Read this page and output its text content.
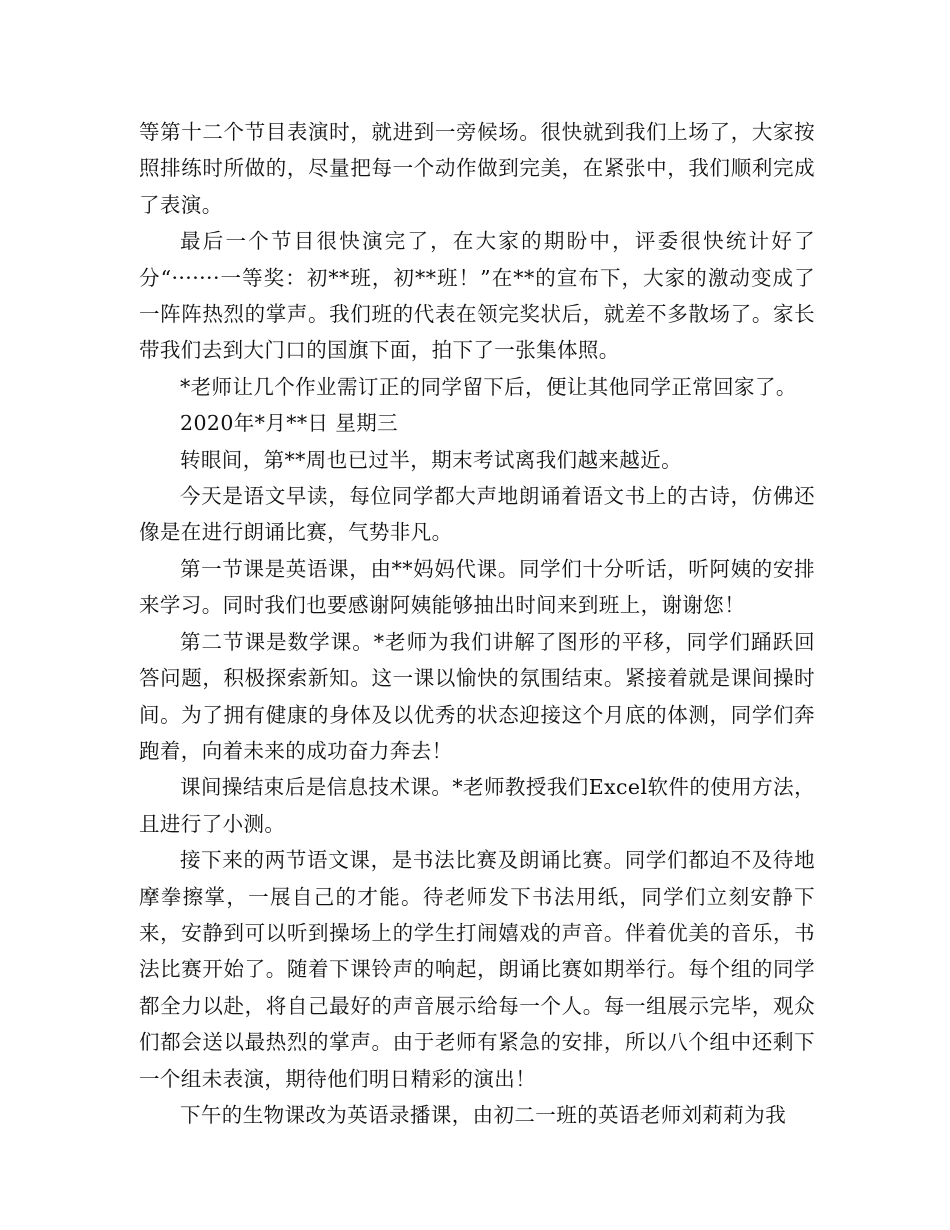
等第十二个节目表演时，就进到一旁候场。很快就到我们上场了，大家按照排练时所做的，尽量把每一个动作做到完美，在紧张中，我们顺利完成了表演。

最后一个节目很快演完了，在大家的期盼中，评委很快统计好了分“·······一等奖：初**班，初**班！”在**的宣布下，大家的激动变成了一阵阵热烈的掌声。我们班的代表在领完奖状后，就差不多散场了。家长带我们去到大门口的国旗下面，拍下了一张集体照。

*老师让几个作业需订正的同学留下后，便让其他同学正常回家了。

2020年*月**日 星期三

转眼间，第**周也已过半，期末考试离我们越来越近。

今天是语文早读，每位同学都大声地朗诵着语文书上的古诗，仿佛还像是在进行朗诵比赛，气势非凡。

第一节课是英语课，由**妈妈代课。同学们十分听话，听阿姨的安排来学习。同时我们也要感谢阿姨能够抽出时间来到班上，谢谢您！

第二节课是数学课。*老师为我们讲解了图形的平移，同学们踊跃回答问题，积极探索新知。这一课以愉快的氛围结束。紧接着就是课间操时间。为了拥有健康的身体及以优秀的状态迎接这个月底的体测，同学们奔跑着，向着未来的成功奋力奔去！

课间操结束后是信息技术课。*老师教授我们Excel软件的使用方法，且进行了小测。

接下来的两节语文课，是书法比赛及朗诵比赛。同学们都迫不及待地摩拳擦掌，一展自己的才能。待老师发下书法用纸，同学们立刻安静下来，安静到可以听到操场上的学生打闹嬉戏的声音。伴着优美的音乐，书法比赛开始了。随着下课铃声的响起，朗诵比赛如期举行。每个组的同学都全力以赴，将自己最好的声音展示给每一个人。每一组展示完毕，观众们都会送以最热烈的掌声。由于老师有紧急的安排，所以八个组中还剩下一个组未表演，期待他们明日精彩的演出！

下午的生物课改为英语录播课，由初二一班的英语老师刘莉莉为我
